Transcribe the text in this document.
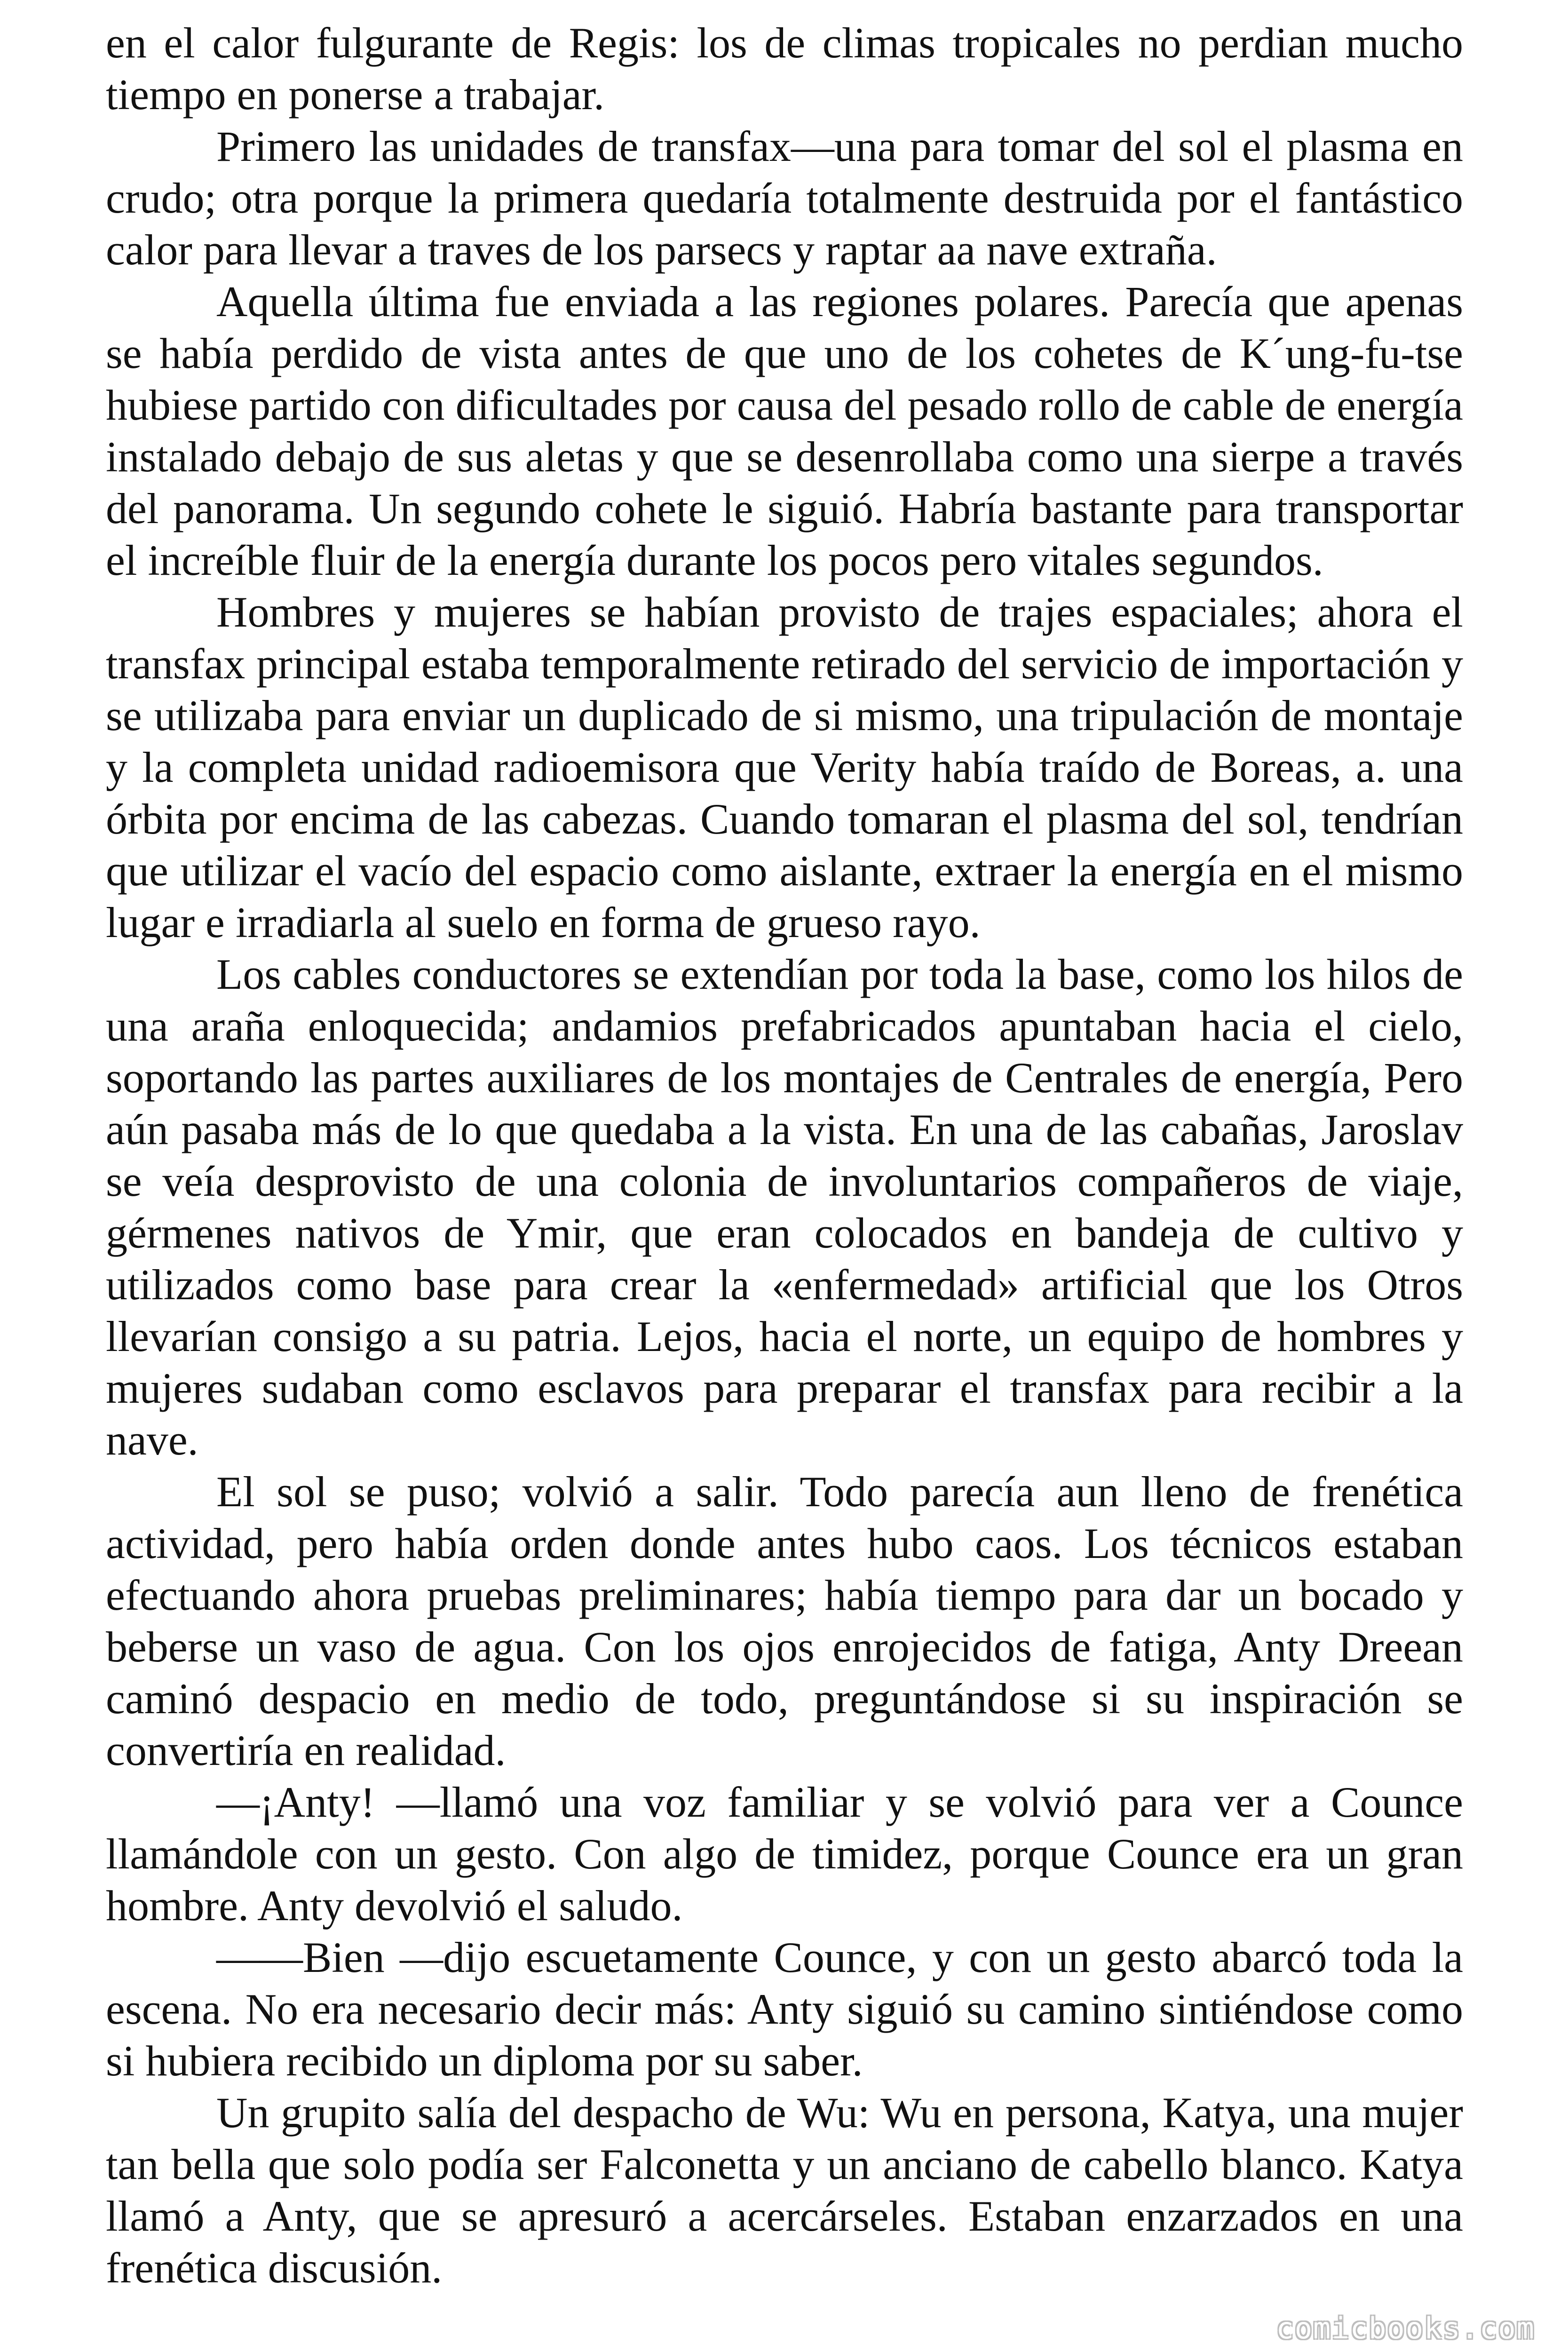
en el calor fulgurante de Regis: los de climas tropicales no perdian mucho tiempo en ponerse a trabajar.

Primero las unidades de transfax—una para tomar del sol el plasma en crudo; otra porque la primera quedaría totalmente destruida por el fantástico calor para llevar a traves de los parsecs y raptar aa nave extraña.

Aquella última fue enviada a las regiones polares. Parecía que apenas se había perdido de vista antes de que uno de los cohetes de K´ung-fu-tse hubiese partido con dificultades por causa del pesado rollo de cable de energía instalado debajo de sus aletas y que se desenrollaba como una sierpe a través del panorama. Un segundo cohete le siguió. Habría bastante para transportar el increíble fluir de la energía durante los pocos pero vitales segundos.

Hombres y mujeres se habían provisto de trajes espaciales; ahora el transfax principal estaba temporalmente retirado del servicio de importación y se utilizaba para enviar un duplicado de si mismo, una tripulación de montaje y la completa unidad radioemisora que Verity había traído de Boreas, a. una órbita por encima de las cabezas. Cuando tomaran el plasma del sol, tendrían que utilizar el vacío del espacio como aislante, extraer la energía en el mismo lugar e irradiarla al suelo en forma de grueso rayo.

Los cables conductores se extendían por toda la base, como los hilos de una araña enloquecida; andamios prefabricados apuntaban hacia el cielo, soportando las partes auxiliares de los montajes de Centrales de energía, Pero aún pasaba más de lo que quedaba a la vista. En una de las cabañas, Jaroslav se veía desprovisto de una colonia de involuntarios compañeros de viaje, gérmenes nativos de Ymir, que eran colocados en bandeja de cultivo y utilizados como base para crear la «enfermedad» artificial que los Otros llevarían consigo a su patria. Lejos, hacia el norte, un equipo de hombres y mujeres sudaban como esclavos para preparar el transfax para recibir a la nave.

El sol se puso; volvió a salir. Todo parecía aun lleno de frenética actividad, pero había orden donde antes hubo caos. Los técnicos estaban efectuando ahora pruebas preliminares; había tiempo para dar un bocado y beberse un vaso de agua. Con los ojos enrojecidos de fatiga, Anty Dreean caminó despacio en medio de todo, preguntándose si su inspiración se convertiría en realidad.

—¡Anty! —llamó una voz familiar y se volvió para ver a Counce llamándole con un gesto. Con algo de timidez, porque Counce era un gran hombre. Anty devolvió el saludo.

——Bien —dijo escuetamente Counce, y con un gesto abarcó toda la escena. No era necesario decir más: Anty siguió su camino sintiéndose como si hubiera recibido un diploma por su saber.

Un grupito salía del despacho de Wu: Wu en persona, Katya, una mujer tan bella que solo podía ser Falconetta y un anciano de cabello blanco. Katya llamó a Anty, que se apresuró a acercárseles. Estaban enzarzados en una frenética discusión.

comicbooks.com
